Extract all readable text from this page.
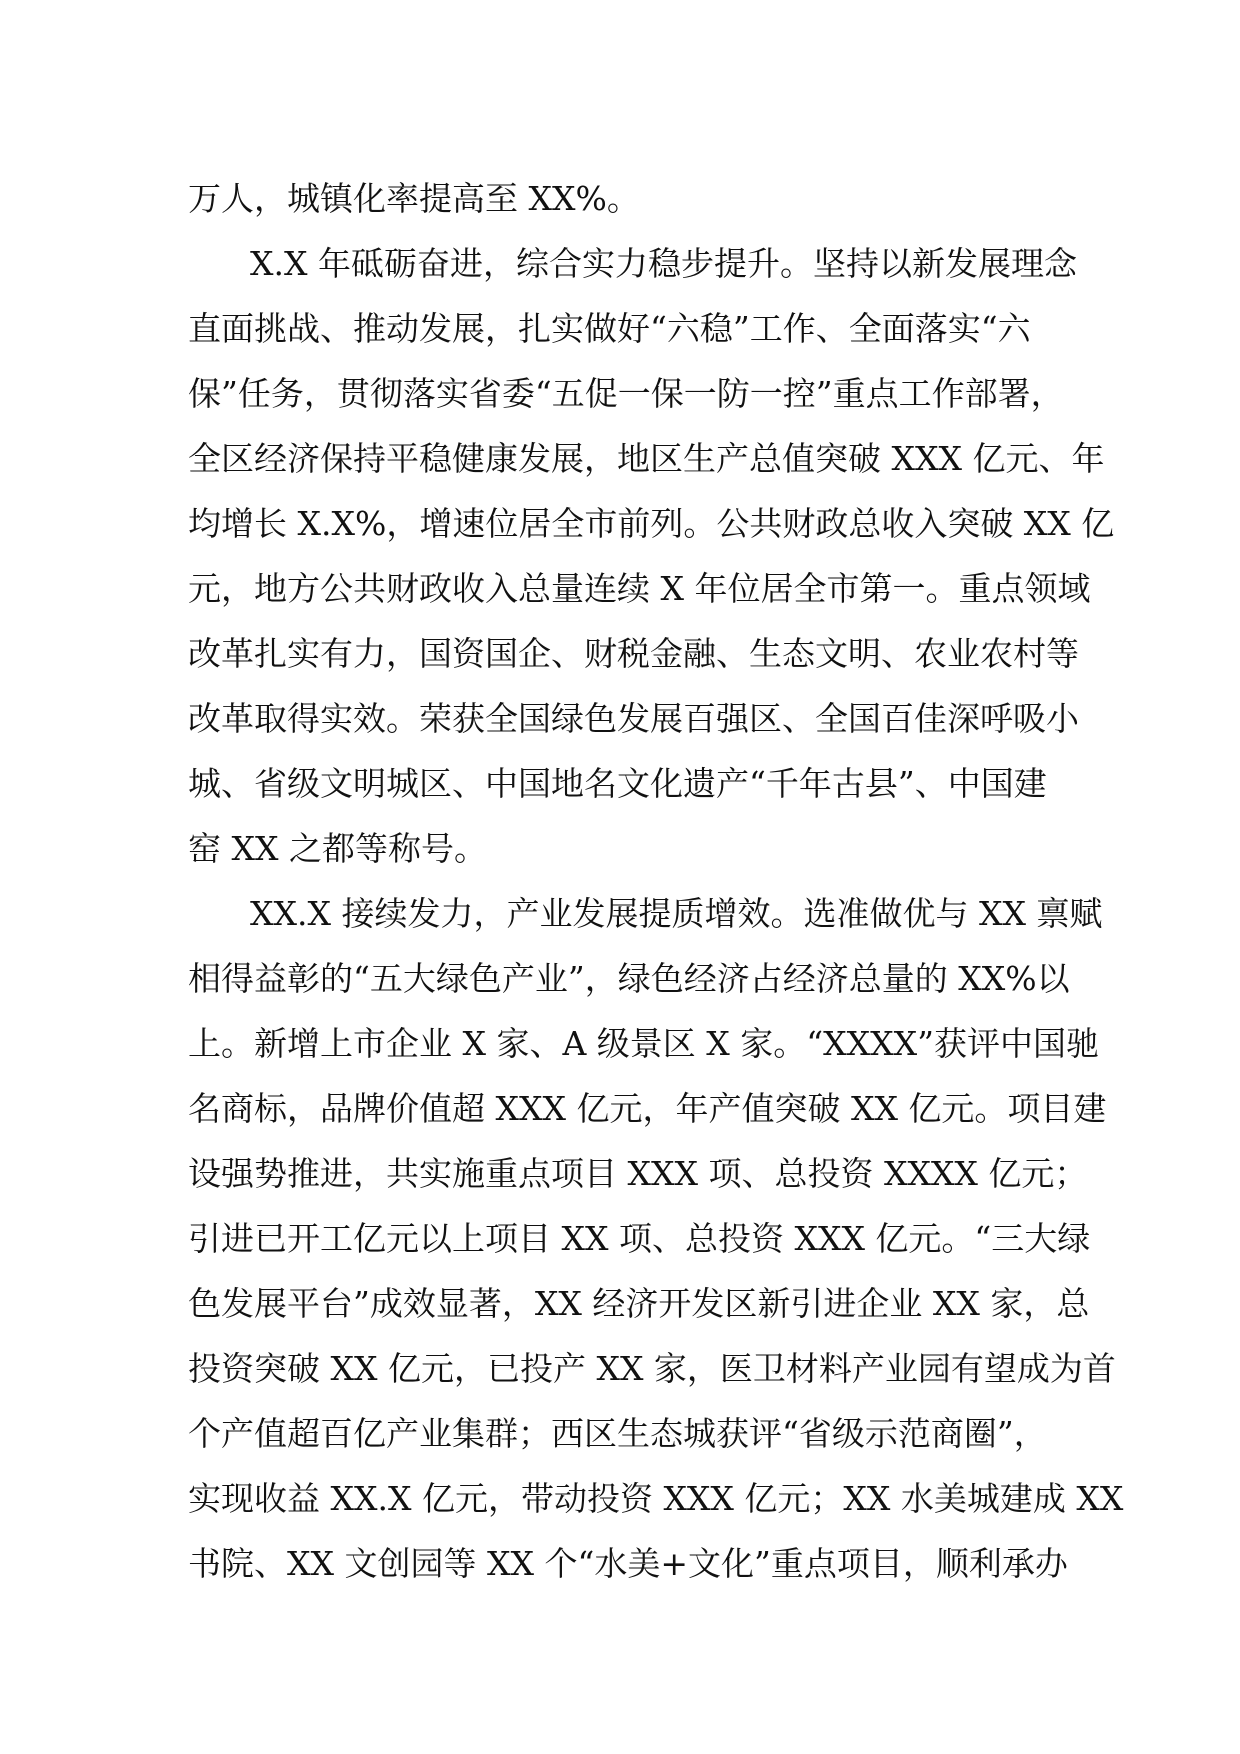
万人，城镇化率提高至 XX%。
X.X 年砥砺奋进，综合实力稳步提升。坚持以新发展理念
直面挑战、推动发展，扎实做好“六稳”工作、全面落实“六
保”任务，贯彻落实省委“五促一保一防一控”重点工作部署，
全区经济保持平稳健康发展，地区生产总值突破 XXX 亿元、年
均增长 X.X%，增速位居全市前列。公共财政总收入突破 XX 亿
元，地方公共财政收入总量连续 X 年位居全市第一。重点领域
改革扎实有力，国资国企、财税金融、生态文明、农业农村等
改革取得实效。荣获全国绿色发展百强区、全国百佳深呼吸小
城、省级文明城区、中国地名文化遗产“千年古县”、中国建
窑 XX 之都等称号。
XX.X 接续发力，产业发展提质增效。选准做优与 XX 禀赋
相得益彰的“五大绿色产业”，绿色经济占经济总量的 XX%以
上。新增上市企业 X 家、A 级景区 X 家。“XXXX”获评中国驰
名商标，品牌价值超 XXX 亿元，年产值突破 XX 亿元。项目建
设强势推进，共实施重点项目 XXX 项、总投资 XXXX 亿元；
引进已开工亿元以上项目 XX 项、总投资 XXX 亿元。“三大绿
色发展平台”成效显著，XX 经济开发区新引进企业 XX 家，总
投资突破 XX 亿元，已投产 XX 家，医卫材料产业园有望成为首
个产值超百亿产业集群；西区生态城获评“省级示范商圈”，
实现收益 XX.X 亿元，带动投资 XXX 亿元；XX 水美城建成 XX
书院、XX 文创园等 XX 个“水美+文化”重点项目，顺利承办
